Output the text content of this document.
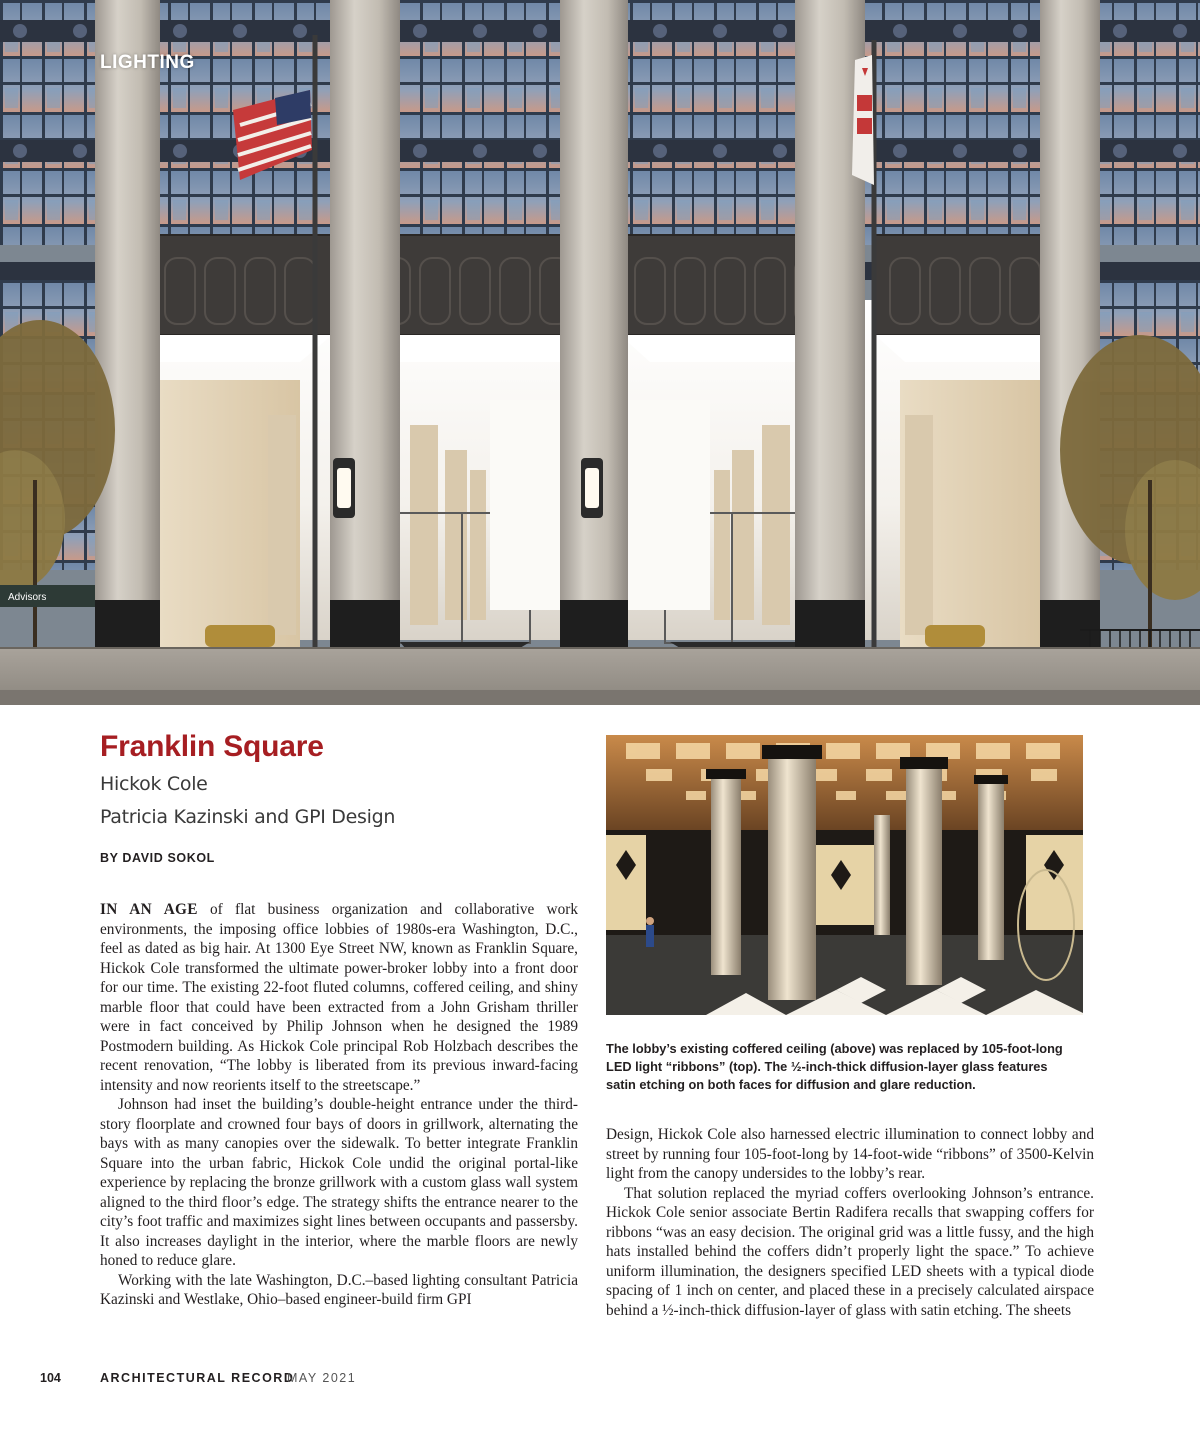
Advisors
LIGHTING
Franklin Square
Hickok Cole
Patricia Kazinski and GPI Design
BY DAVID SOKOL

IN AN AGE of flat business organization and collaborative work environments, the imposing office lobbies of 1980s-era Washington, D.C., feel as dated as big hair. At 1300 Eye Street NW, known as Franklin Square, Hickok Cole transformed the ultimate power-broker lobby into a front door for our time. The existing 22-foot fluted columns, coffered ceiling, and shiny marble floor that could have been extracted from a John Grisham thriller were in fact conceived by Philip Johnson when he designed the 1989 Postmodern building. As Hickok Cole principal Rob Holzbach describes the recent renovation, “The lobby is liberated from its previous inward-facing intensity and now reorients itself to the streetscape.”

Johnson had inset the building’s double-height entrance under the third-story floorplate and crowned four bays of doors in grillwork, alternating the bays with as many canopies over the sidewalk. To better integrate Franklin Square into the urban fabric, Hickok Cole undid the original portal-like experience by replacing the bronze grillwork with a custom glass wall system aligned to the third floor’s edge. The strategy shifts the entrance nearer to the city’s foot traffic and maximizes sight lines between occupants and passersby. It also increases daylight in the interior, where the marble floors are newly honed to reduce glare.

Working with the late Washington, D.C.–based lighting consultant Patricia Kazinski and Westlake, Ohio–based engineer-build firm GPI

The lobby’s existing coffered ceiling (above) was replaced by 105-foot-long LED light “ribbons” (top). The ½-inch-thick diffusion-layer glass features satin etching on both faces for diffusion and glare reduction.

Design, Hickok Cole also harnessed electric illumination to connect lobby and street by running four 105-foot-long by 14-foot-wide “ribbons” of 3500-Kelvin light from the canopy undersides to the lobby’s rear.

That solution replaced the myriad coffers overlooking Johnson’s entrance. Hickok Cole senior associate Bertin Radifera recalls that swapping coffers for ribbons “was an easy decision. The original grid was a little fussy, and the high hats installed behind the coffers didn’t properly light the space.” To achieve uniform illumination, the designers specified LED sheets with a typical diode spacing of 1 inch on center, and placed these in a precisely calculated airspace behind a ½-inch-thick diffusion-layer of glass with satin etching. The sheets

104	ARCHITECTURAL RECORD
MAY 2021
